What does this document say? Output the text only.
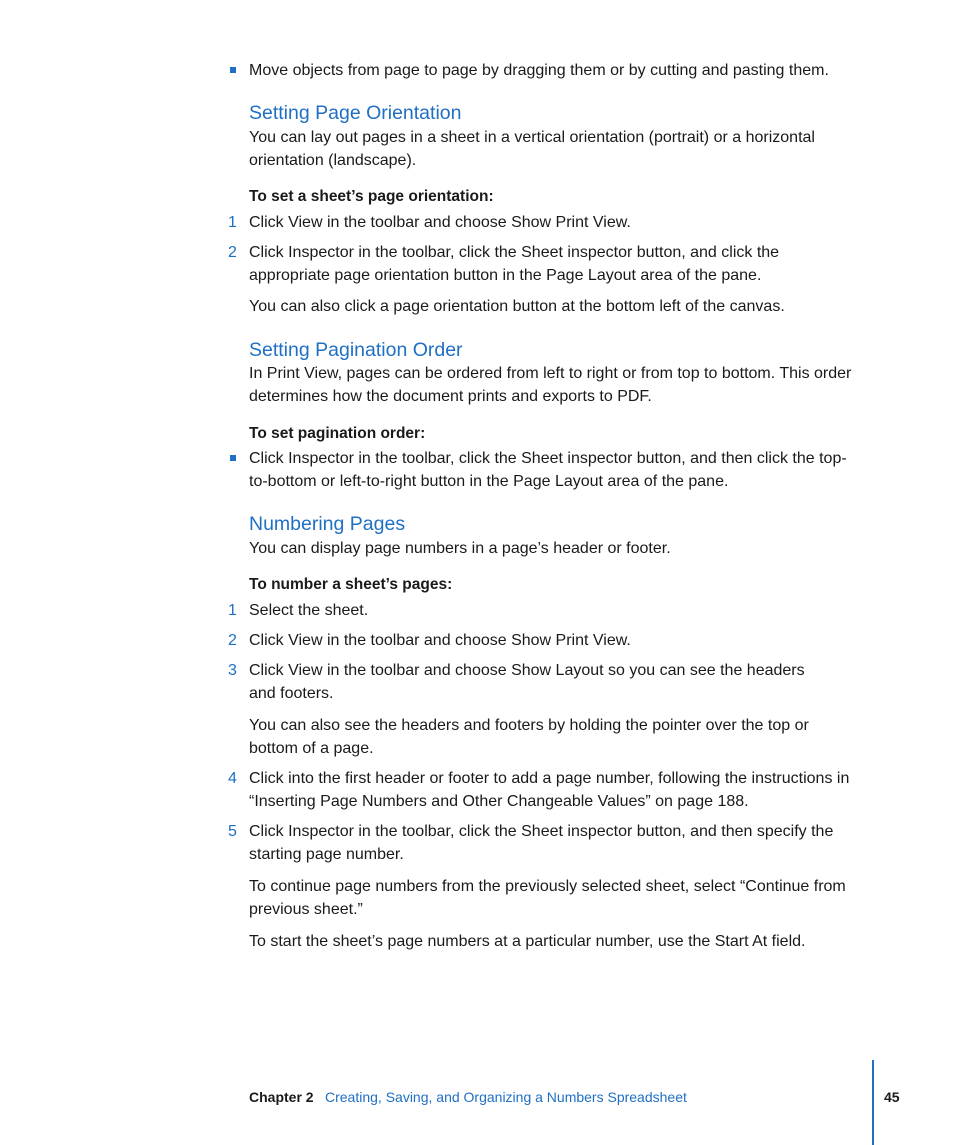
Move objects from page to page by dragging them or by cutting and pasting them.
Setting Page Orientation
You can lay out pages in a sheet in a vertical orientation (portrait) or a horizontal
orientation (landscape).
To set a sheet’s page orientation:
1 Click View in the toolbar and choose Show Print View.
2 Click Inspector in the toolbar, click the Sheet inspector button, and click the
appropriate page orientation button in the Page Layout area of the pane.
You can also click a page orientation button at the bottom left of the canvas.
Setting Pagination Order
In Print View, pages can be ordered from left to right or from top to bottom. This order
determines how the document prints and exports to PDF.
To set pagination order:
Click Inspector in the toolbar, click the Sheet inspector button, and then click the top-
to-bottom or left-to-right button in the Page Layout area of the pane.
Numbering Pages
You can display page numbers in a page’s header or footer.
To number a sheet’s pages:
1 Select the sheet.
2 Click View in the toolbar and choose Show Print View.
3 Click View in the toolbar and choose Show Layout so you can see the headers
and footers.
You can also see the headers and footers by holding the pointer over the top or
bottom of a page.
4 Click into the first header or footer to add a page number, following the instructions in
“Inserting Page Numbers and Other Changeable Values” on page 188.
5 Click Inspector in the toolbar, click the Sheet inspector button, and then specify the
starting page number.
To continue page numbers from the previously selected sheet, select “Continue from
previous sheet.”
To start the sheet’s page numbers at a particular number, use the Start At field.
Chapter 2 Creating, Saving, and Organizing a Numbers Spreadsheet	45
